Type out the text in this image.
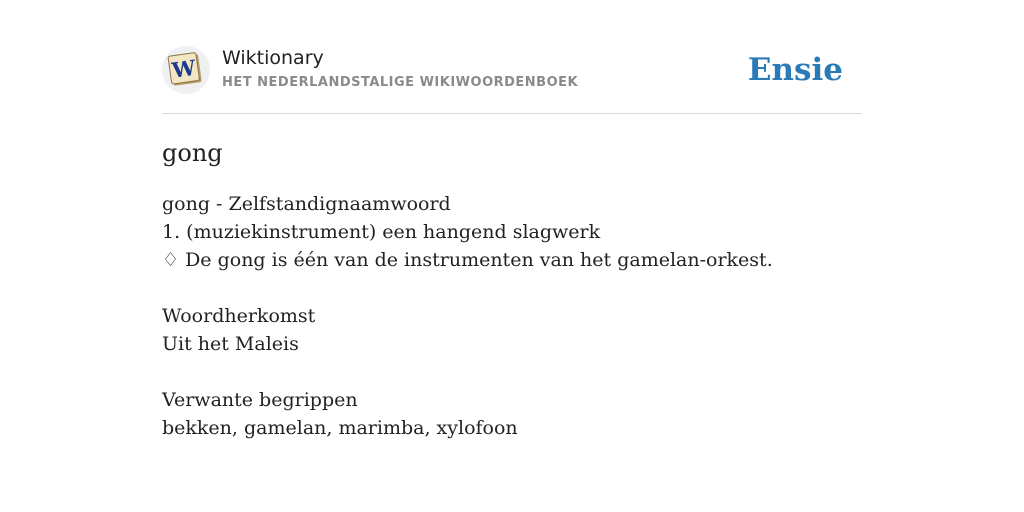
W Wiktionary
HET NEDERLANDSTALIGE WIKIWOORDENBOEK	Ensie
gong
gong - Zelfstandignaamwoord
1. (muziekinstrument) een hangend slagwerk
♢ De gong is één van de instrumenten van het gamelan-orkest.
Woordherkomst
Uit het Maleis
Verwante begrippen
bekken, gamelan, marimba, xylofoon
